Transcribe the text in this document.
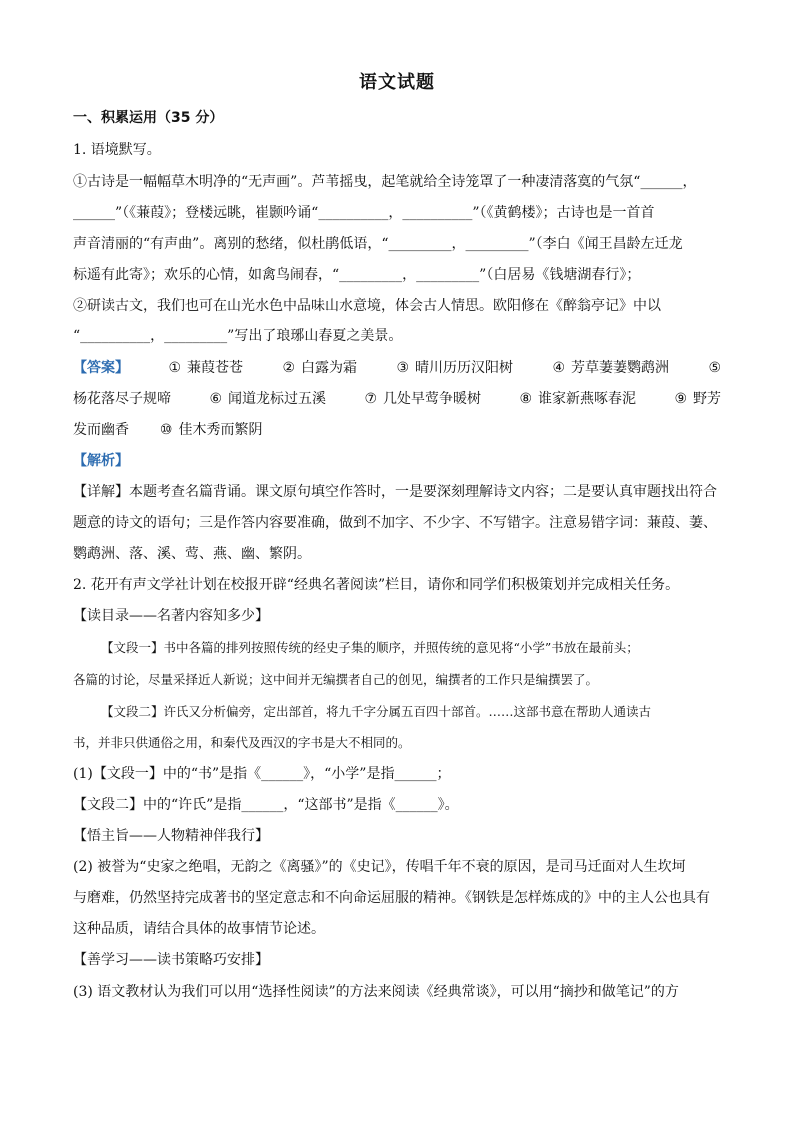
语文试题
一、积累运用（35 分）
1. 语境默写。
①古诗是一幅幅草木明净的“无声画”。芦苇摇曳，起笔就给全诗笼罩了一种凄清落寞的气氛“______，
______”（《蒹葭》；登楼远眺，崔颢吟诵“__________，__________”（《黄鹤楼》；古诗也是一首首
声音清丽的“有声曲”。离别的愁绪，似杜鹃低语，“_________，_________”（李白《闻王昌龄左迁龙
标遥有此寄》；欢乐的心情，如禽鸟闹春，“_________，_________”（白居易《钱塘湖春行》；
②研读古文，我们也可在山光水色中品味山水意境，体会古人情思。欧阳修在《醉翁亭记》中以
“__________，_________”写出了琅琊山春夏之美景。
【答案】	① 蒹葭苍苍	② 白露为霜	③ 晴川历历汉阳树	④ 芳草萋萋鹦鹉洲	⑤
杨花落尽子规啼	⑥ 闻道龙标过五溪	⑦ 几处早莺争暖树	⑧ 谁家新燕啄春泥	⑨ 野芳
发而幽香 ⑩ 佳木秀而繁阴
【解析】
【详解】本题考查名篇背诵。课文原句填空作答时，一是要深刻理解诗文内容；二是要认真审题找出符合
题意的诗文的语句；三是作答内容要准确，做到不加字、不少字、不写错字。注意易错字词：蒹葭、萋、
鹦鹉洲、落、溪、莺、燕、幽、繁阴。
2. 花开有声文学社计划在校报开辟“经典名著阅读”栏目，请你和同学们积极策划并完成相关任务。
【读目录——名著内容知多少】
【文段一】书中各篇的排列按照传统的经史子集的顺序，并照传统的意见将“小学”书放在最前头；
各篇的讨论，尽量采择近人新说；这中间并无编撰者自己的创见，编撰者的工作只是编撰罢了。
【文段二】许氏又分析偏旁，定出部首，将九千字分属五百四十部首。……这部书意在帮助人通读古
书，并非只供通俗之用，和秦代及西汉的字书是大不相同的。
(1)【文段一】中的“书”是指《______》，“小学”是指______；
【文段二】中的“许氏”是指______，“这部书”是指《______》。
【悟主旨——人物精神伴我行】
(2) 被誉为“史家之绝唱，无韵之《离骚》”的《史记》，传唱千年不衰的原因，是司马迁面对人生坎坷
与磨难，仍然坚持完成著书的坚定意志和不向命运屈服的精神。《钢铁是怎样炼成的》中的主人公也具有
这种品质，请结合具体的故事情节论述。
【善学习——读书策略巧安排】
(3) 语文教材认为我们可以用“选择性阅读”的方法来阅读《经典常谈》，可以用“摘抄和做笔记”的方
